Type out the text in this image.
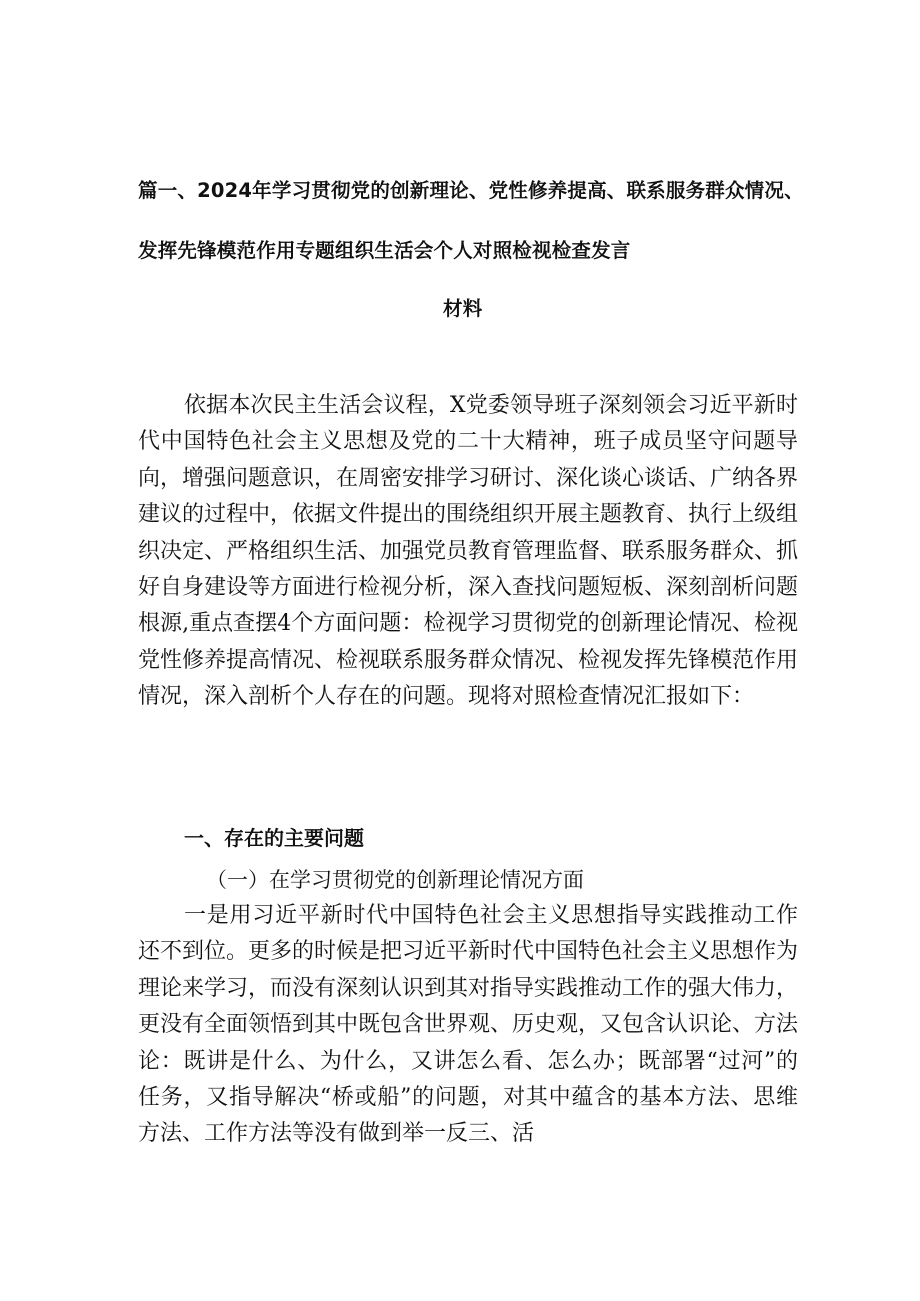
篇一、2024年学习贯彻党的创新理论、党性修养提高、联系服务群众情况、
发挥先锋模范作用专题组织生活会个人对照检视检查发言
材料

依据本次民主生活会议程，X党委领导班子深刻领会习近平新时代中国特色社会主义思想及党的二十大精神，班子成员坚守问题导向，增强问题意识，在周密安排学习研讨、深化谈心谈话、广纳各界建议的过程中，依据文件提出的围绕组织开展主题教育、执行上级组织决定、严格组织生活、加强党员教育管理监督、联系服务群众、抓好自身建设等方面进行检视分析，深入查找问题短板、深刻剖析问题根源,重点查摆4个方面问题：检视学习贯彻党的创新理论情况、检视党性修养提高情况、检视联系服务群众情况、检视发挥先锋模范作用情况，深入剖析个人存在的问题。现将对照检查情况汇报如下：

一、存在的主要问题

（一）在学习贯彻党的创新理论情况方面

一是用习近平新时代中国特色社会主义思想指导实践推动工作还不到位。更多的时候是把习近平新时代中国特色社会主义思想作为理论来学习，而没有深刻认识到其对指导实践推动工作的强大伟力，更没有全面领悟到其中既包含世界观、历史观，又包含认识论、方法论：既讲是什么、为什么，又讲怎么看、怎么办；既部署“过河”的任务，又指导解决“桥或船”的问题，对其中蕴含的基本方法、思维方法、工作方法等没有做到举一反三、活
